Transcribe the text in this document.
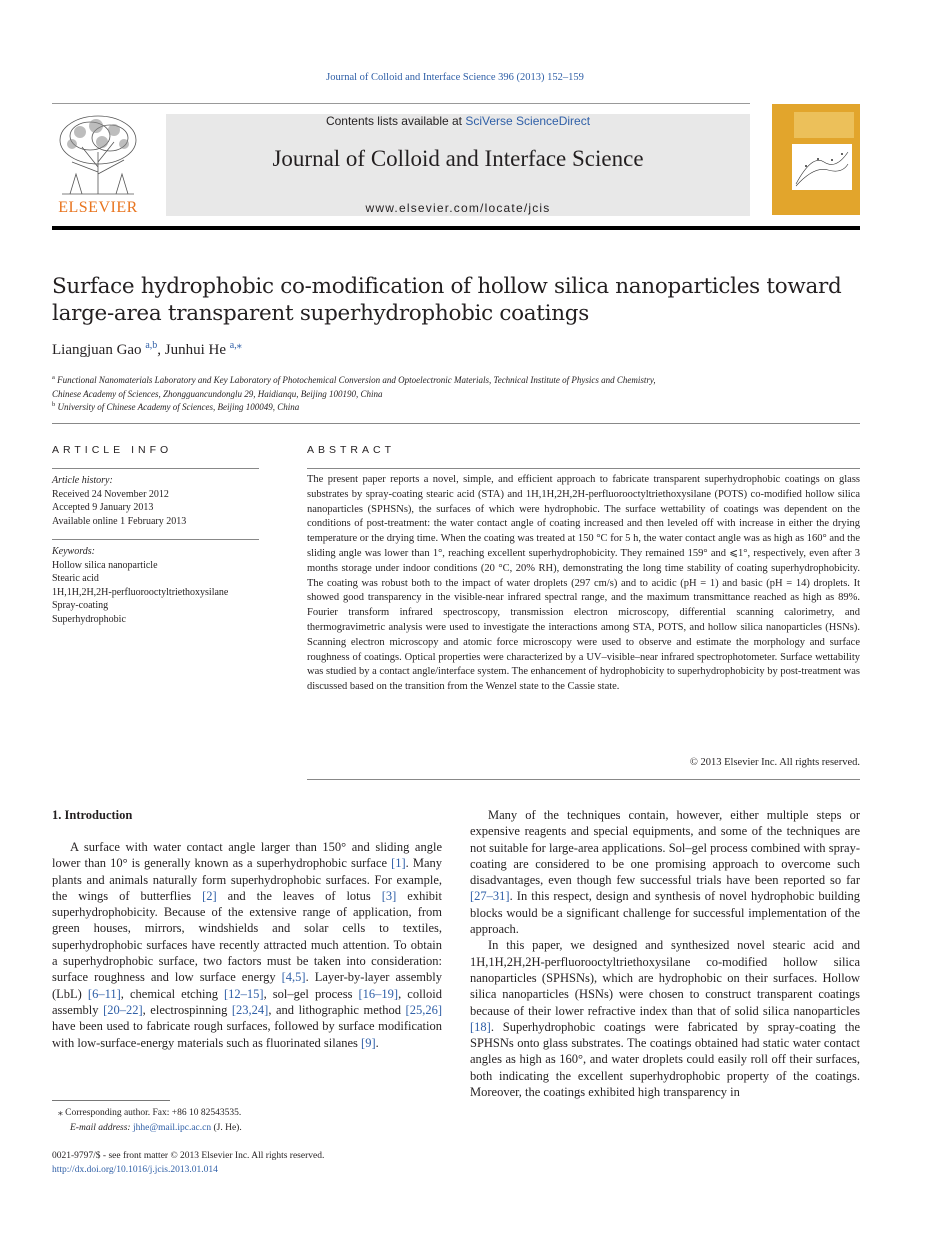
Journal of Colloid and Interface Science 396 (2013) 152–159
ELSEVIER
Contents lists available at SciVerse ScienceDirect
Journal of Colloid and Interface Science
www.elsevier.com/locate/jcis
Surface hydrophobic co-modification of hollow silica nanoparticles toward
large-area transparent superhydrophobic coatings
Liangjuan Gao $^{a,b}$, Junhui He $^{a,⁎}$
$^a$ Functional Nanomaterials Laboratory and Key Laboratory of Photochemical Conversion and Optoelectronic Materials, Technical Institute of Physics and Chemistry,
Chinese Academy of Sciences, Zhongguancundonglu 29, Haidianqu, Beijing 100190, China
$^b$ University of Chinese Academy of Sciences, Beijing 100049, China
ARTICLE INFO
Article history:
Received 24 November 2012
Accepted 9 January 2013
Available online 1 February 2013
Keywords:
Hollow silica nanoparticle
Stearic acid
1H,1H,2H,2H-perfluorooctyltriethoxysilane
Spray-coating
Superhydrophobic
ABSTRACT
The present paper reports a novel, simple, and efficient approach to fabricate transparent superhydrophobic coatings on glass substrates by spray-coating stearic acid (STA) and 1H,1H,2H,2H-perfluorooctyltriethoxysilane (POTS) co-modified hollow silica nanoparticles (SPHSNs), the surfaces of which were hydrophobic. The surface wettability of coatings was dependent on the conditions of post-treatment: the water contact angle of coating increased and then leveled off with increase in either the drying temperature or the drying time. When the coating was treated at 150 °C for 5 h, the water contact angle was as high as 160° and the sliding angle was lower than 1°, reaching excellent superhydrophobicity. They remained 159° and ⩽1°, respectively, even after 3 months storage under indoor conditions (20 °C, 20% RH), demonstrating the long time stability of coating superhydrophobicity. The coating was robust both to the impact of water droplets (297 cm/s) and to acidic (pH = 1) and basic (pH = 14) droplets. It showed good transparency in the visible-near infrared spectral range, and the maximum transmittance reached as high as 89%. Fourier transform infrared spectroscopy, transmission electron microscopy, differential scanning calorimetry, and thermogravimetric analysis were used to investigate the interactions among STA, POTS, and hollow silica nanoparticles (HSNs). Scanning electron microscopy and atomic force microscopy were used to observe and estimate the morphology and surface roughness of coatings. Optical properties were characterized by a UV–visible–near infrared spectrophotometer. Surface wettability was studied by a contact angle/interface system. The enhancement of hydrophobicity to superhydrophobicity by post-treatment was discussed based on the transition from the Wenzel state to the Cassie state.
© 2013 Elsevier Inc. All rights reserved.
1. Introduction

A surface with water contact angle larger than 150° and sliding angle lower than 10° is generally known as a superhydrophobic surface [1]. Many plants and animals naturally form superhydrophobic surfaces. For example, the wings of butterflies [2] and the leaves of lotus [3] exhibit superhydrophobicity. Because of the extensive range of application, from green houses, mirrors, windshields and solar cells to textiles, superhydrophobic surfaces have recently attracted much attention. To obtain a superhydrophobic surface, two factors must be taken into consideration: surface roughness and low surface energy [4,5]. Layer-by-layer assembly (LbL) [6–11], chemical etching [12–15], sol–gel process [16–19], colloid assembly [20–22], electrospinning [23,24], and lithographic method [25,26] have been used to fabricate rough surfaces, followed by surface modification with low-surface-energy materials such as fluorinated silanes [9].

Many of the techniques contain, however, either multiple steps or expensive reagents and special equipments, and some of the techniques are not suitable for large-area applications. Sol–gel process combined with spray-coating are considered to be one promising approach to overcome such disadvantages, even though few successful trials have been reported so far [27–31]. In this respect, design and synthesis of novel hydrophobic building blocks would be a significant challenge for successful implementation of the approach.

In this paper, we designed and synthesized novel stearic acid and 1H,1H,2H,2H-perfluorooctyltriethoxysilane co-modified hollow silica nanoparticles (SPHSNs), which are hydrophobic on their surfaces. Hollow silica nanoparticles (HSNs) were chosen to construct transparent coatings because of their lower refractive index than that of solid silica nanoparticles [18]. Superhydrophobic coatings were fabricated by spray-coating the SPHSNs onto glass substrates. The coatings obtained had static water contact angles as high as 160°, and water droplets could easily roll off their surfaces, both indicating the excellent superhydrophobic property of the coatings. Moreover, the coatings exhibited high transparency in

⁎ Corresponding author. Fax: +86 10 82543535.
E-mail address: jhhe@mail.ipc.ac.cn (J. He).
0021-9797/$ - see front matter © 2013 Elsevier Inc. All rights reserved.
http://dx.doi.org/10.1016/j.jcis.2013.01.014
